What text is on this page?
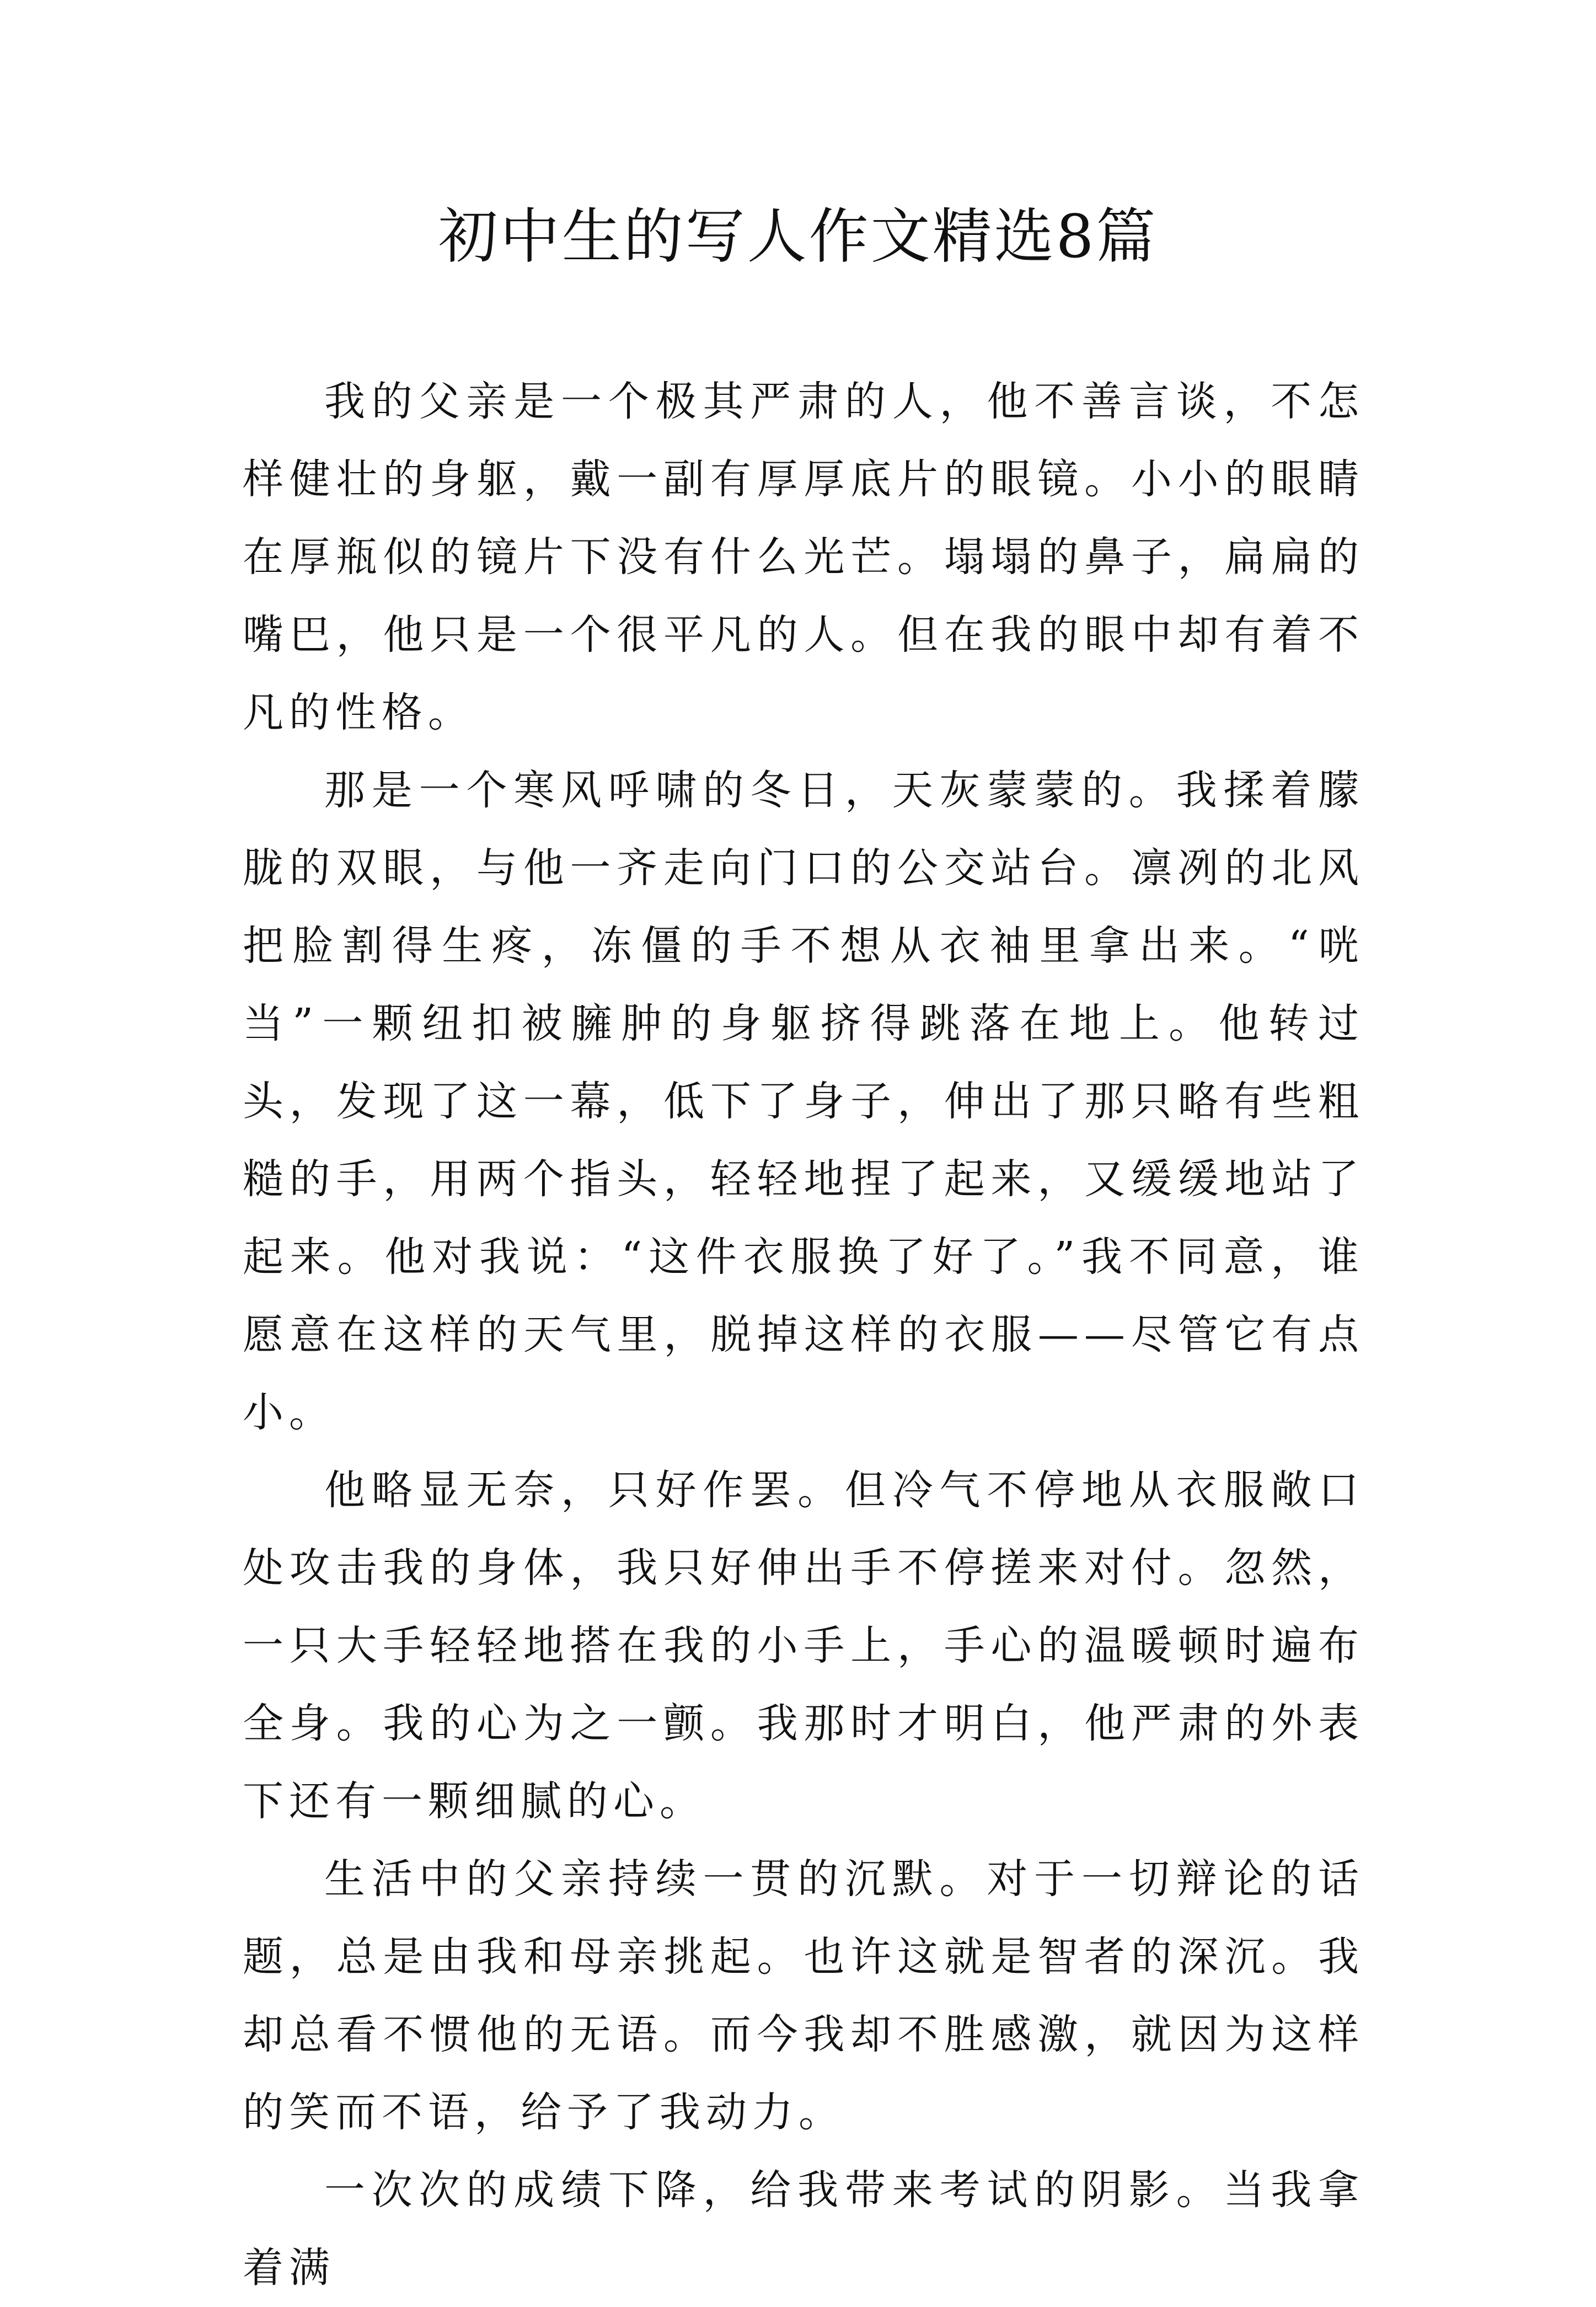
初中生的写人作文精选8篇

我的父亲是一个极其严肃的人，他不善言谈，不怎样健壮的身躯，戴一副有厚厚底片的眼镜。小小的眼睛在厚瓶似的镜片下没有什么光芒。塌塌的鼻子，扁扁的嘴巴，他只是一个很平凡的人。但在我的眼中却有着不凡的性格。

那是一个寒风呼啸的冬日，天灰蒙蒙的。我揉着朦胧的双眼，与他一齐走向门口的公交站台。凛冽的北风把脸割得生疼，冻僵的手不想从衣袖里拿出来。“咣当”一颗纽扣被臃肿的身躯挤得跳落在地上。他转过头，发现了这一幕，低下了身子，伸出了那只略有些粗糙的手，用两个指头，轻轻地捏了起来，又缓缓地站了起来。他对我说：“这件衣服换了好了。”我不同意，谁愿意在这样的天气里，脱掉这样的衣服——尽管它有点小。

他略显无奈，只好作罢。但冷气不停地从衣服敞口处攻击我的身体，我只好伸出手不停搓来对付。忽然，一只大手轻轻地搭在我的小手上，手心的温暖顿时遍布全身。我的心为之一颤。我那时才明白，他严肃的外表下还有一颗细腻的心。

生活中的父亲持续一贯的沉默。对于一切辩论的话题，总是由我和母亲挑起。也许这就是智者的深沉。我却总看不惯他的无语。而今我却不胜感激，就因为这样的笑而不语，给予了我动力。

一次次的成绩下降，给我带来考试的阴影。当我拿着满
